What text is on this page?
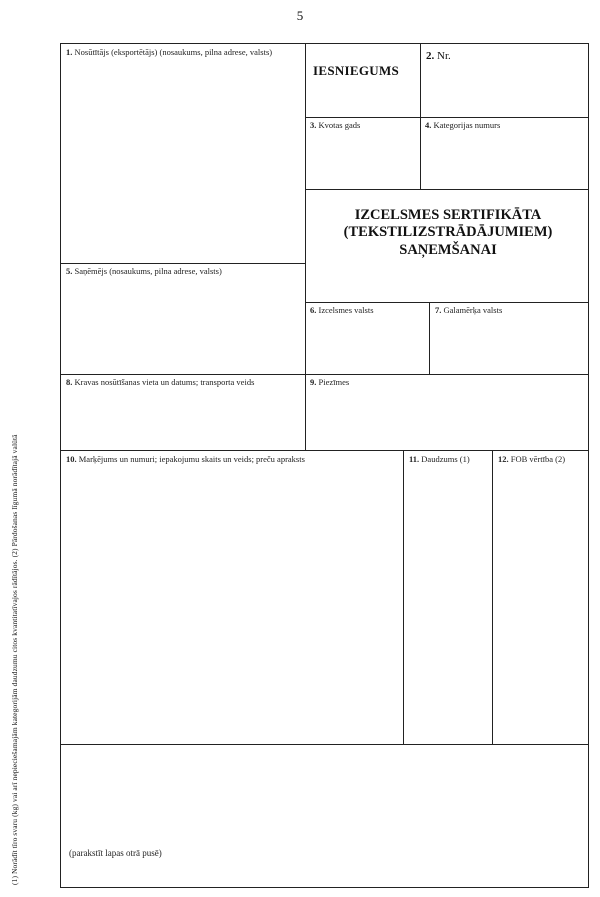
5
(1) Norādīt tīro svaru (kg) vai arī nepieciešamajām kategorijām daudzumu citos kvantitatīvajos rādītājos. (2) Pārdošanas līgumā norādītajā valūtā
1. Nosūtītājs (eksportētājs) (nosaukums, pilna adrese, valsts)
IESNIEGUMS
2. Nr.
3. Kvotas gads	4. Kategorijas numurs
IZCELSMES SERTIFIKĀTA
(TEKSTILIZSTRĀDĀJUMIEM)
SAŅEMŠANAI
5. Saņēmējs (nosaukums, pilna adrese, valsts)
6. Izcelsmes valsts	7. Galamērķa valsts
8. Kravas nosūtīšanas vieta un datums; transporta veids	9. Piezīmes
10. Marķējums un numuri; iepakojumu skaits un veids; preču apraksts	11. Daudzums (1)	12. FOB vērtība (2)
(parakstīt lapas otrā pusē)
